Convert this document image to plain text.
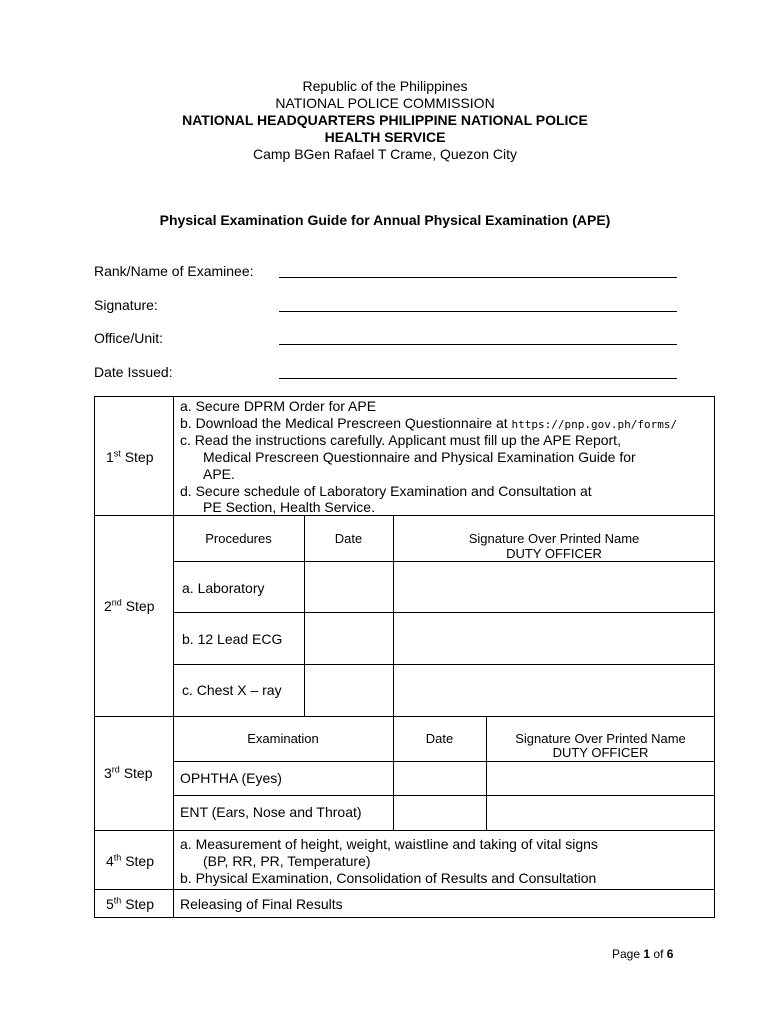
Republic of the Philippines
NATIONAL POLICE COMMISSION
NATIONAL HEADQUARTERS PHILIPPINE NATIONAL POLICE
HEALTH SERVICE
Camp BGen Rafael T Crame, Quezon City
Physical Examination Guide for Annual Physical Examination (APE)
Rank/Name of Examinee:
Signature:
Office/Unit:
Date Issued:
1st Step
a. Secure DPRM Order for APE
b. Download the Medical Prescreen Questionnaire at https://pnp.gov.ph/forms/
c. Read the instructions carefully. Applicant must fill up the APE Report,
Medical Prescreen Questionnaire and Physical Examination Guide for
APE.
d. Secure schedule of Laboratory Examination and Consultation at
PE Section, Health Service.
2nd Step
Procedures	Date	Signature Over Printed Name
DUTY OFFICER
a. Laboratory
b. 12 Lead ECG
c. Chest X – ray
3rd Step
Examination	Date	Signature Over Printed Name
DUTY OFFICER
OPHTHA (Eyes)
ENT (Ears, Nose and Throat)
4th Step
a. Measurement of height, weight, waistline and taking of vital signs
(BP, RR, PR, Temperature)
b. Physical Examination, Consolidation of Results and Consultation
5th Step Releasing of Final Results
Page 1 of 6
